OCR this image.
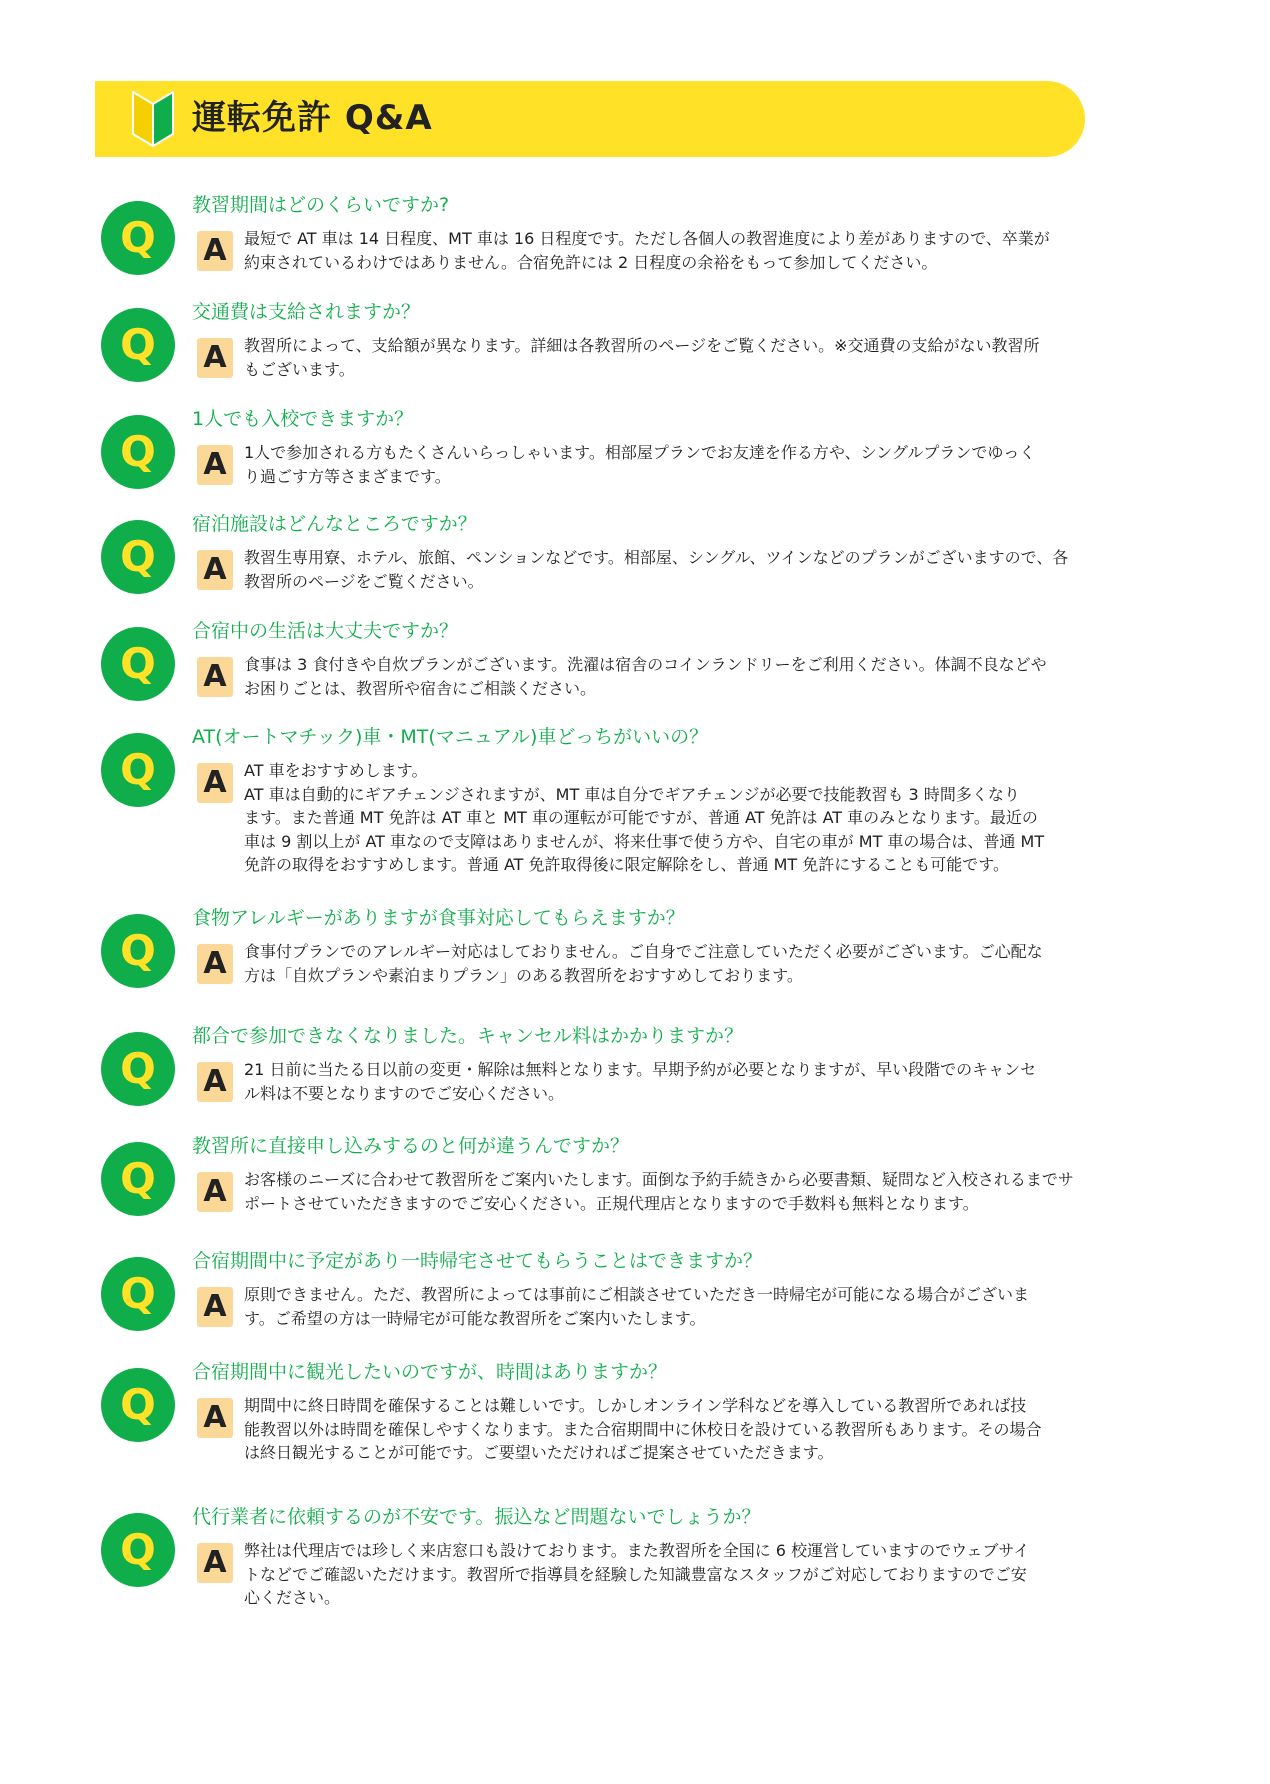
運転免許 Q&A
Q
教習期間はどのくらいですか?
A	最短で AT 車は 14 日程度、MT 車は 16 日程度です。ただし各個人の教習進度により差がありますので、卒業が
約束されているわけではありません。合宿免許には 2 日程度の余裕をもって参加してください。
Q
交通費は支給されますか？
A	教習所によって、支給額が異なります。詳細は各教習所のページをご覧ください。※交通費の支給がない教習所
もございます。
Q
1人でも入校できますか？
A	1人で参加される方もたくさんいらっしゃいます。相部屋プランでお友達を作る方や、シングルプランでゆっく
り過ごす方等さまざまです。
Q
宿泊施設はどんなところですか？
A	教習生専用寮、ホテル、旅館、ペンションなどです。相部屋、シングル、ツインなどのプランがございますので、各
教習所のページをご覧ください。
Q
合宿中の生活は大丈夫ですか？
A	食事は 3 食付きや自炊プランがございます。洗濯は宿舎のコインランドリーをご利用ください。体調不良などや
お困りごとは、教習所や宿舎にご相談ください。
Q
AT(オートマチック)車・MT(マニュアル)車どっちがいいの？
A	AT 車をおすすめします。
AT 車は自動的にギアチェンジされますが、MT 車は自分でギアチェンジが必要で技能教習も 3 時間多くなり
ます。また普通 MT 免許は AT 車と MT 車の運転が可能ですが、普通 AT 免許は AT 車のみとなります。最近の
車は 9 割以上が AT 車なので支障はありませんが、将来仕事で使う方や、自宅の車が MT 車の場合は、普通 MT
免許の取得をおすすめします。普通 AT 免許取得後に限定解除をし、普通 MT 免許にすることも可能です。
Q
食物アレルギーがありますが食事対応してもらえますか？
A	食事付プランでのアレルギー対応はしておりません。ご自身でご注意していただく必要がございます。ご心配な
方は「自炊プランや素泊まりプラン」のある教習所をおすすめしております。
Q
都合で参加できなくなりました。キャンセル料はかかりますか？
A	21 日前に当たる日以前の変更・解除は無料となります。早期予約が必要となりますが、早い段階でのキャンセ
ル料は不要となりますのでご安心ください。
Q
教習所に直接申し込みするのと何が違うんですか？
A	お客様のニーズに合わせて教習所をご案内いたします。面倒な予約手続きから必要書類、疑問など入校されるまでサ
ポートさせていただきますのでご安心ください。正規代理店となりますので手数料も無料となります。
Q
合宿期間中に予定があり一時帰宅させてもらうことはできますか？
A	原則できません。ただ、教習所によっては事前にご相談させていただき一時帰宅が可能になる場合がございま
す。ご希望の方は一時帰宅が可能な教習所をご案内いたします。
Q
合宿期間中に観光したいのですが、時間はありますか？
A	期間中に終日時間を確保することは難しいです。しかしオンライン学科などを導入している教習所であれば技
能教習以外は時間を確保しやすくなります。また合宿期間中に休校日を設けている教習所もあります。その場合
は終日観光することが可能です。ご要望いただければご提案させていただきます。
Q
代行業者に依頼するのが不安です。振込など問題ないでしょうか？
A	弊社は代理店では珍しく来店窓口も設けております。また教習所を全国に 6 校運営していますのでウェブサイ
トなどでご確認いただけます。教習所で指導員を経験した知識豊富なスタッフがご対応しておりますのでご安
心ください。
